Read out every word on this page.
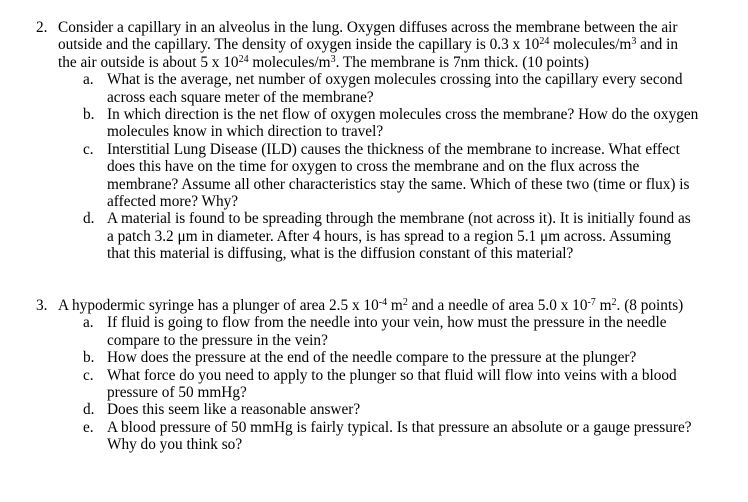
2. Consider a capillary in an alveolus in the lung. Oxygen diffuses across the membrane between the air
outside and the capillary. The density of oxygen inside the capillary is 0.3 x $10^{24}$ molecules/$m^3$ and in
the air outside is about 5 x $10^{24}$ molecules/$m^3$. The membrane is 7nm thick. (10 points)
a. What is the average, net number of oxygen molecules crossing into the capillary every second
across each square meter of the membrane?
b. In which direction is the net flow of oxygen molecules cross the membrane? How do the oxygen
molecules know in which direction to travel?
c. Interstitial Lung Disease (ILD) causes the thickness of the membrane to increase. What effect
does this have on the time for oxygen to cross the membrane and on the flux across the
membrane? Assume all other characteristics stay the same. Which of these two (time or flux) is
affected more? Why?
d. A material is found to be spreading through the membrane (not across it). It is initially found as
a patch 3.2 μm in diameter. After 4 hours, is has spread to a region 5.1 μm across. Assuming
that this material is diffusing, what is the diffusion constant of this material?
3. A hypodermic syringe has a plunger of area 2.5 x $10^{-4}$ $m^2$ and a needle of area 5.0 x $10^{-7}$ $m^2$. (8 points)
a. If fluid is going to flow from the needle into your vein, how must the pressure in the needle
compare to the pressure in the vein?
b. How does the pressure at the end of the needle compare to the pressure at the plunger?
c. What force do you need to apply to the plunger so that fluid will flow into veins with a blood
pressure of 50 mmHg?
d. Does this seem like a reasonable answer?
e. A blood pressure of 50 mmHg is fairly typical. Is that pressure an absolute or a gauge pressure?
Why do you think so?
